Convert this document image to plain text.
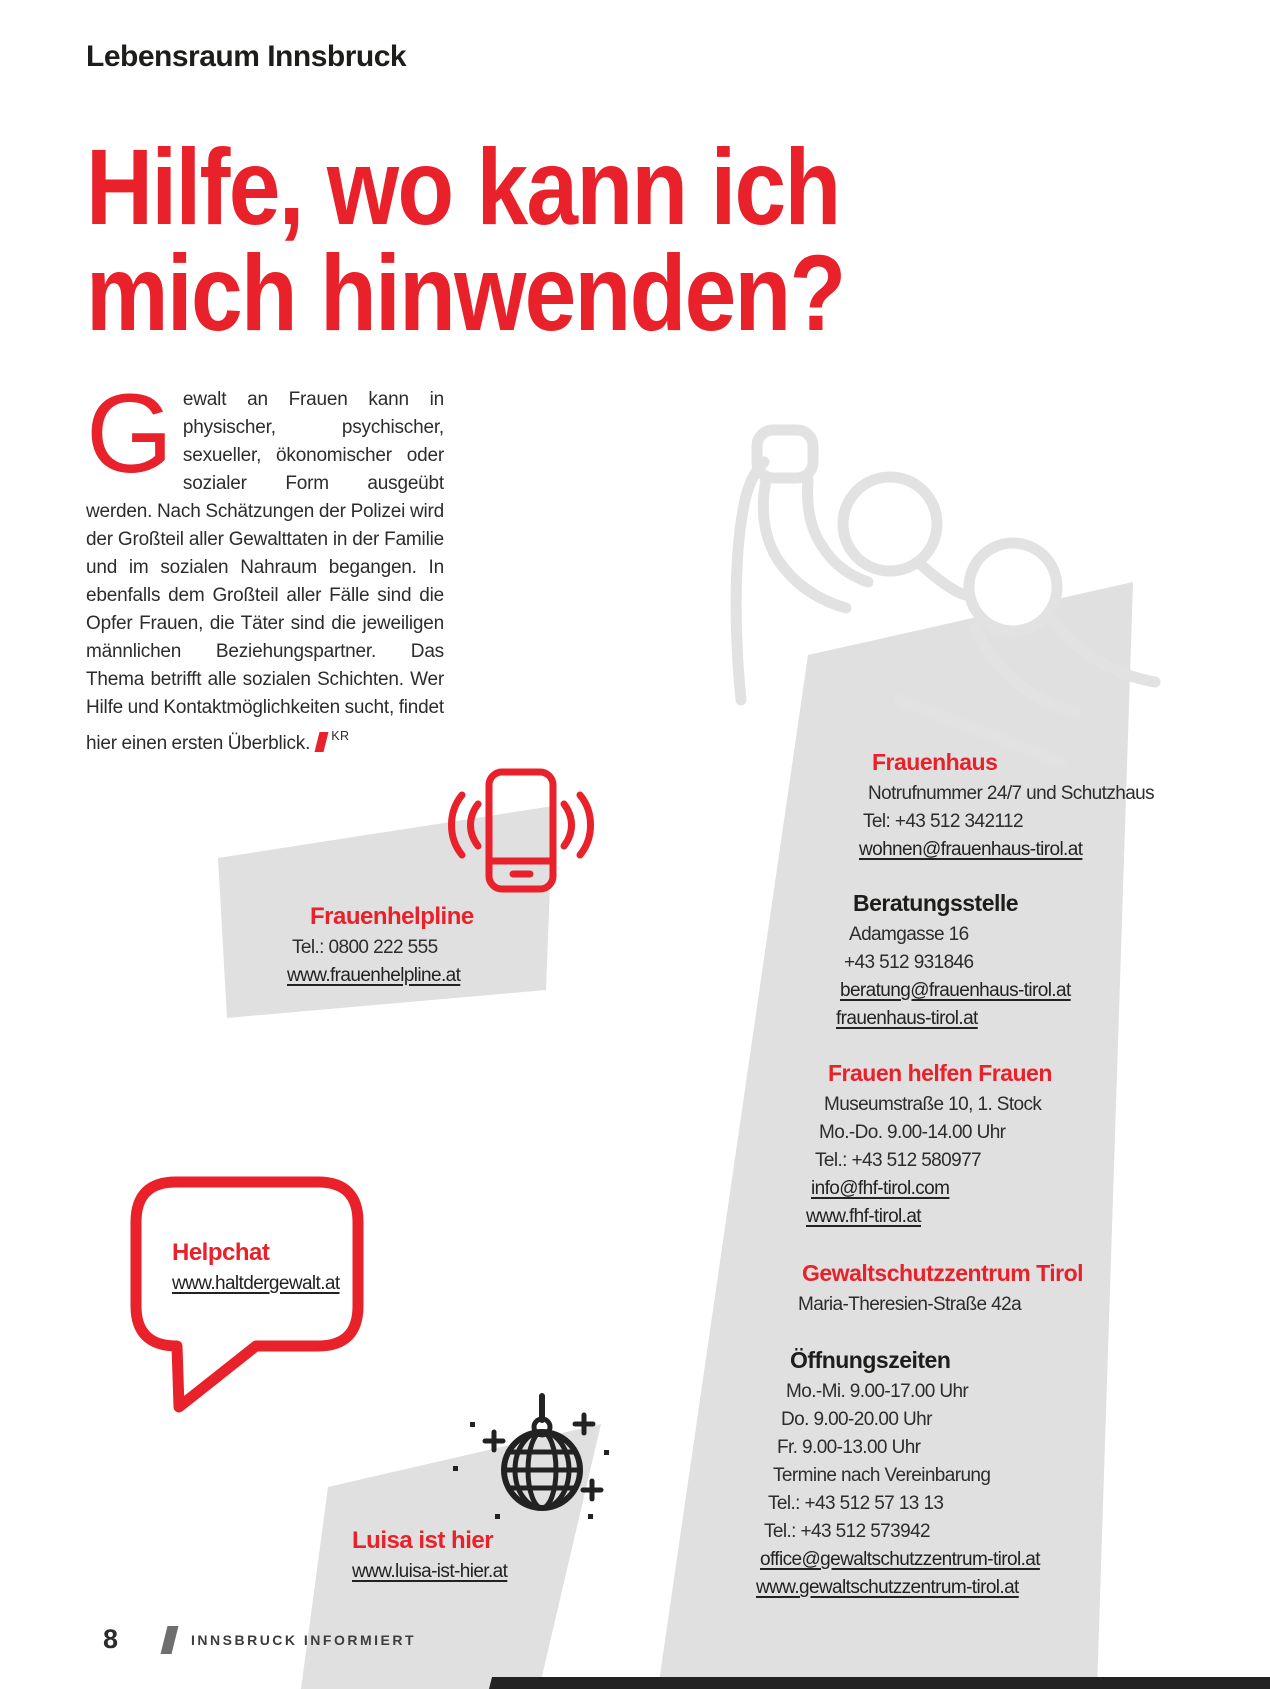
Lebensraum Innsbruck
Hilfe, wo kann ich
mich hinwenden?
Gewalt an Frauen kann in physischer, psychischer, sexueller, ökonomischer oder sozialer Form ausgeübt werden. Nach Schätzungen der Polizei wird der Großteil aller Gewalttaten in der Familie und im sozialen Nahraum begangen. In ebenfalls dem Großteil aller Fälle sind die Opfer Frauen, die Täter sind die jeweiligen männlichen Beziehungspartner. Das Thema betrifft alle sozialen Schichten. Wer Hilfe und Kontaktmöglichkeiten sucht, findet hier einen ersten Überblick. $^{KR}$
Frauenhaus
Notrufnummer 24/7 und Schutzhaus
Tel: +43 512 342112
wohnen@frauenhaus-tirol.at
Beratungsstelle
Adamgasse 16
+43 512 931846
beratung@frauenhaus-tirol.at
frauenhaus-tirol.at
Frauen helfen Frauen
Museumstraße 10, 1. Stock
Mo.-Do. 9.00-14.00 Uhr
Tel.: +43 512 580977
info@fhf-tirol.com
www.fhf-tirol.at
Gewaltschutzzentrum Tirol
Maria-Theresien-Straße 42a
Öffnungszeiten
Mo.-Mi. 9.00-17.00 Uhr
Do. 9.00-20.00 Uhr
Fr. 9.00-13.00 Uhr
Termine nach Vereinbarung
Tel.: +43 512 57 13 13
Tel.: +43 512 573942
office@gewaltschutzzentrum-tirol.at
www.gewaltschutzzentrum-tirol.at
Frauenhelpline
Tel.: 0800 222 555
www.frauenhelpline.at
Helpchat
www.haltdergewalt.at
Luisa ist hier
www.luisa-ist-hier.at
8	INNSBRUCK INFORMIERT
